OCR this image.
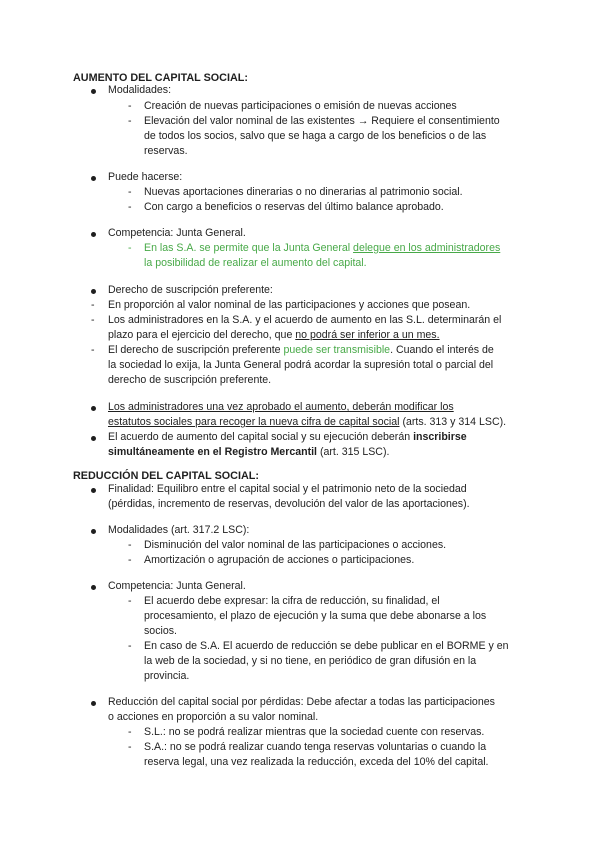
AUMENTO DEL CAPITAL SOCIAL:
Modalidades:
- Creación de nuevas participaciones o emisión de nuevas acciones
- Elevación del valor nominal de las existentes → Requiere el consentimiento
de todos los socios, salvo que se haga a cargo de los beneficios o de las
reservas.
Puede hacerse:
- Nuevas aportaciones dinerarias o no dinerarias al patrimonio social.
- Con cargo a beneficios o reservas del último balance aprobado.
Competencia: Junta General.
- En las S.A. se permite que la Junta General delegue en los administradores
la posibilidad de realizar el aumento del capital.
Derecho de suscripción preferente:
- En proporción al valor nominal de las participaciones y acciones que posean.
- Los administradores en la S.A. y el acuerdo de aumento en las S.L. determinarán el
plazo para el ejercicio del derecho, que no podrá ser inferior a un mes.
- El derecho de suscripción preferente puede ser transmisible. Cuando el interés de
la sociedad lo exija, la Junta General podrá acordar la supresión total o parcial del
derecho de suscripción preferente.
Los administradores una vez aprobado el aumento, deberán modificar los
estatutos sociales para recoger la nueva cifra de capital social (arts. 313 y 314 LSC).
El acuerdo de aumento del capital social y su ejecución deberán inscribirse
simultáneamente en el Registro Mercantil (art. 315 LSC).
REDUCCIÓN DEL CAPITAL SOCIAL:
Finalidad: Equilibro entre el capital social y el patrimonio neto de la sociedad
(pérdidas, incremento de reservas, devolución del valor de las aportaciones).
Modalidades (art. 317.2 LSC):
- Disminución del valor nominal de las participaciones o acciones.
- Amortización o agrupación de acciones o participaciones.
Competencia: Junta General.
- El acuerdo debe expresar: la cifra de reducción, su finalidad, el
procesamiento, el plazo de ejecución y la suma que debe abonarse a los
socios.
- En caso de S.A. El acuerdo de reducción se debe publicar en el BORME y en
la web de la sociedad, y si no tiene, en periódico de gran difusión en la
provincia.
Reducción del capital social por pérdidas: Debe afectar a todas las participaciones
o acciones en proporción a su valor nominal.
- S.L.: no se podrá realizar mientras que la sociedad cuente con reservas.
- S.A.: no se podrá realizar cuando tenga reservas voluntarias o cuando la
reserva legal, una vez realizada la reducción, exceda del 10% del capital.
